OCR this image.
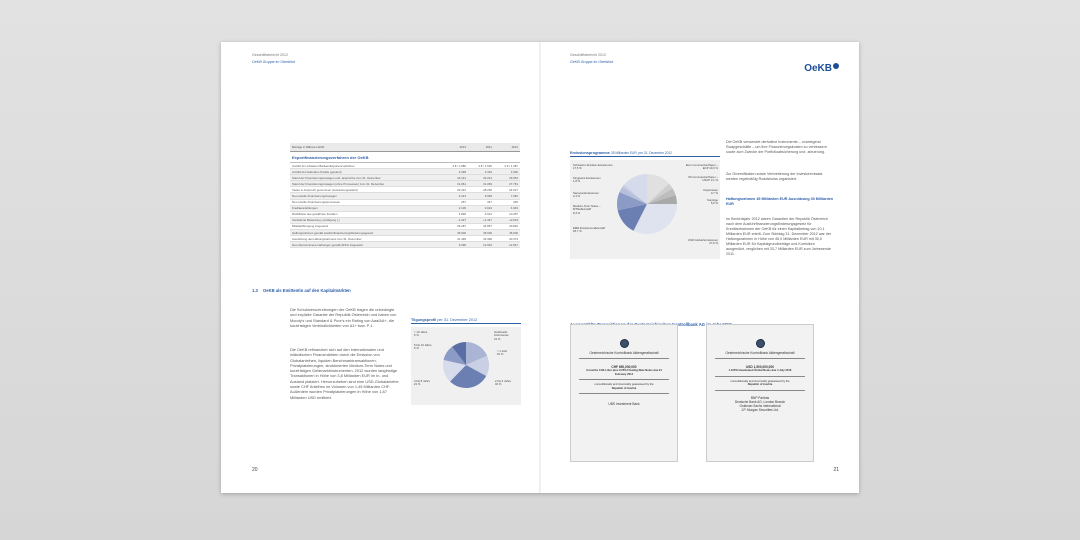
Geschäftsbericht 2012
OeKB Gruppe im Überblick
Beträge in Millionen EUR	2013	2011	2012
Exportfinanzierungsverfahren der OeKB
Anzahl der erfassten Banken/Exporteurverfahren	4.8 / 1.980	4.8 / 1.530	4.9 / 1.487
Anzahl der laufenden Kredite (gesamt)	3.499	3.419	3.300
Stand der Finanzierungszusagen und -ansprüche zum 31. Dezember	33.144	33.244	29.054
Stand der Finanzierungszusagen (ohne Promessen) zum 31. Dezember	31.961	31.069	27.781
Vielen in Anspruch genommen (Ausnutzungsstand)	29.431	28.265	24.627
Neu erteilte Finanzierungszusagen	6.413	5.948	7.281
Neu erteilte Finanzierungspromessen	257	347	436
Kreditauszahlungen	2.109	3.024	4.943
Rückflüsse aus gewährten Krediten	4.896	4.913	10.287
Veränderte Bewertung (+)/Abgang (-)	-1.327	+1.447	+3.519
Mittelaufbringung insgesamt	36.287	34.857	40.826
Haftungsrahmen gemäß Ausfuhrfinanzierungsförderungsgesetz	45.000	45.000	45.000
Ausnützung des Haftungsrahmens zum 31. Dezember	31.499	33.490	30.373
Neu übernommene Haftungen gemäß AFFG insgesamt	6.396	12.934	12.947
1.3 OeKB als Emittentin auf den Kapitalmärkten
Die Schuldverschreibungen der OeKB tragen die unbedingte und explizite Garantie der Republik Österreich und haben von Moody's und Standard & Poor's ein Rating von Aaa/AA+, die kurzfristigen Verbindlichkeiten von A1+ bzw. P-1.
Die OeKB refinanziert sich auf den internationalen und inländischen Finanzmärkten durch die Emission von Globalanleihen, liquiden Benchmarktransaktionen, Privatplatzierungen, strukturierten Medium-Term Notes und kurzfristigen Geldmarktinstrumenten. 2012 wurden langfristige Transaktionen in Höhe von 3,8 Milliarden EUR im In- und Ausland platziert. Hervorzuheben sind eine USD-Globalanleihe sowie CHF Anleihen im Volumen von 1,45 Milliarden CHF. Außerdem wurden Privatplatzierungen in Höhe von 1,87 Milliarden USD emittiert.
Tilgungsprofil per 31. Dezember 2012
> 10 Jahre
6 %
5 bis 10 Jahre
6 %
4 bis 5 Jahre
21 %
Geldmarkt-instrumente
21 %
< 1 Jahr
16 %
2 bis 3 Jahre
32 %
20
Geschäftsbericht 2012
OeKB Gruppe im Überblick
OeKB
Emissionsprogramme 35 Milliarden EUR, per 31. Dezember 2012
Schweizer-Franken-Emissionen
17,5 %
Kingpains Emissionen
1,8 %
Samurai-Emissionen
2,4 %
Medium-Term Notes – MTNs/Eurotaff
6,3 %
EMR Emissionen/Eurotaff
18,7 %
Euro Commercial Paper –
ECP 10,3 %
US Commercial Paper –
USCP 2,1 %
Depotnoten
3,7 %
Sonstige
5,0 %
USD Global Emissionen
27,6 %
Die OeKB verwendet derivative Instrumente – vorwiegend Swapgeschäfte – um ihre Finanzierungskosten zu verbessern sowie zum Zwecke der Portfolioabsicherung und -steuerung.
Zur Diversifikation sowie Verbreiterung der Investorenbasis werden regelmäßig Roadshows organisiert.
Haftungsrahmen 45 Milliarden EUR Ausnützung 30 Milliarden EUR
Im Berichtsjahr 2012 waren Garantien der Republik Österreich nach dem Ausfuhrfinanzierungsförderungsgesetz für Kreditaufnahmen der OeKB für einen Kapitalbetrag von 10,1 Milliarden EUR erteilt. Zum Stichtag 31. Dezember 2012 war der Haftungsrahmen in Höhe von 45,0 Milliarden EUR mit 30,0 Milliarden EUR für Kapitalgrundbeträge und Kurrisiken ausgenützt, verglichen mit 33,7 Milliarden EUR zum Jahresende 2011.
Kontrollbank AG
Oesterreichische Kontrollbank Aktiengesellschaft
CHF 650,000,000
3-months CHF-Libor plus 0.25% Floating Rate Notes due 21 February 2014
unconditionally and irrevocably guaranteed by the
Republic of Austria
UBS Investment Bank
Oesterreichische Kontrollbank Aktiengesellschaft
USD 1,500,000,000
1.125% Guaranteed Global Notes due 4 July 2016
unconditionally and irrevocably guaranteed by the
Republic of Austria
BNP Paribas
Deutsche Bank AG, London Branch
Goldman Sachs International
J.P. Morgan Securities Ltd.
21
